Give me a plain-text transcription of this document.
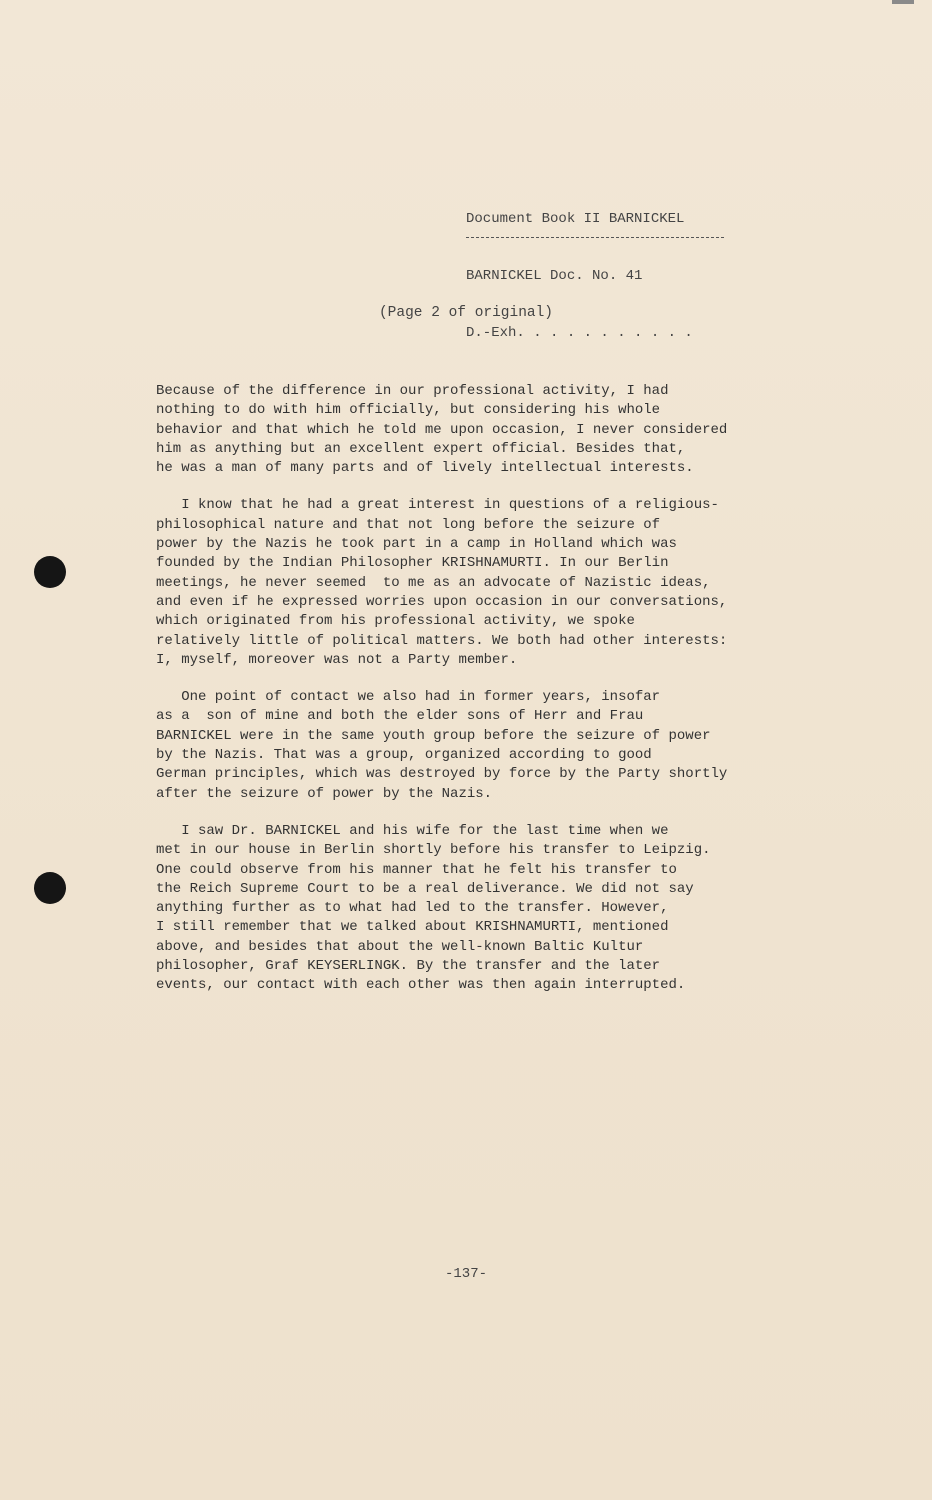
Document Book II BARNICKEL

BARNICKEL Doc. No. 41

D.-Exh. . . . . . . . . . .

(Page 2 of original)

Because of the difference in our professional activity, I had
nothing to do with him officially, but considering his whole
behavior and that which he told me upon occasion, I never considered
him as anything but an excellent expert official. Besides that,
he was a man of many parts and of lively intellectual interests.

I know that he had a great interest in questions of a religious-
philosophical nature and that not long before the seizure of
power by the Nazis he took part in a camp in Holland which was
founded by the Indian Philosopher KRISHNAMURTI. In our Berlin
meetings, he never seemed  to me as an advocate of Nazistic ideas,
and even if he expressed worries upon occasion in our conversations,
which originated from his professional activity, we spoke
relatively little of political matters. We both had other interests:
I, myself, moreover was not a Party member.

One point of contact we also had in former years, insofar
as a  son of mine and both the elder sons of Herr and Frau
BARNICKEL were in the same youth group before the seizure of power
by the Nazis. That was a group, organized according to good
German principles, which was destroyed by force by the Party shortly
after the seizure of power by the Nazis.

I saw Dr. BARNICKEL and his wife for the last time when we
met in our house in Berlin shortly before his transfer to Leipzig.
One could observe from his manner that he felt his transfer to
the Reich Supreme Court to be a real deliverance. We did not say
anything further as to what had led to the transfer. However,
I still remember that we talked about KRISHNAMURTI, mentioned
above, and besides that about the well-known Baltic Kultur
philosopher, Graf KEYSERLINGK. By the transfer and the later
events, our contact with each other was then again interrupted.

-137-
